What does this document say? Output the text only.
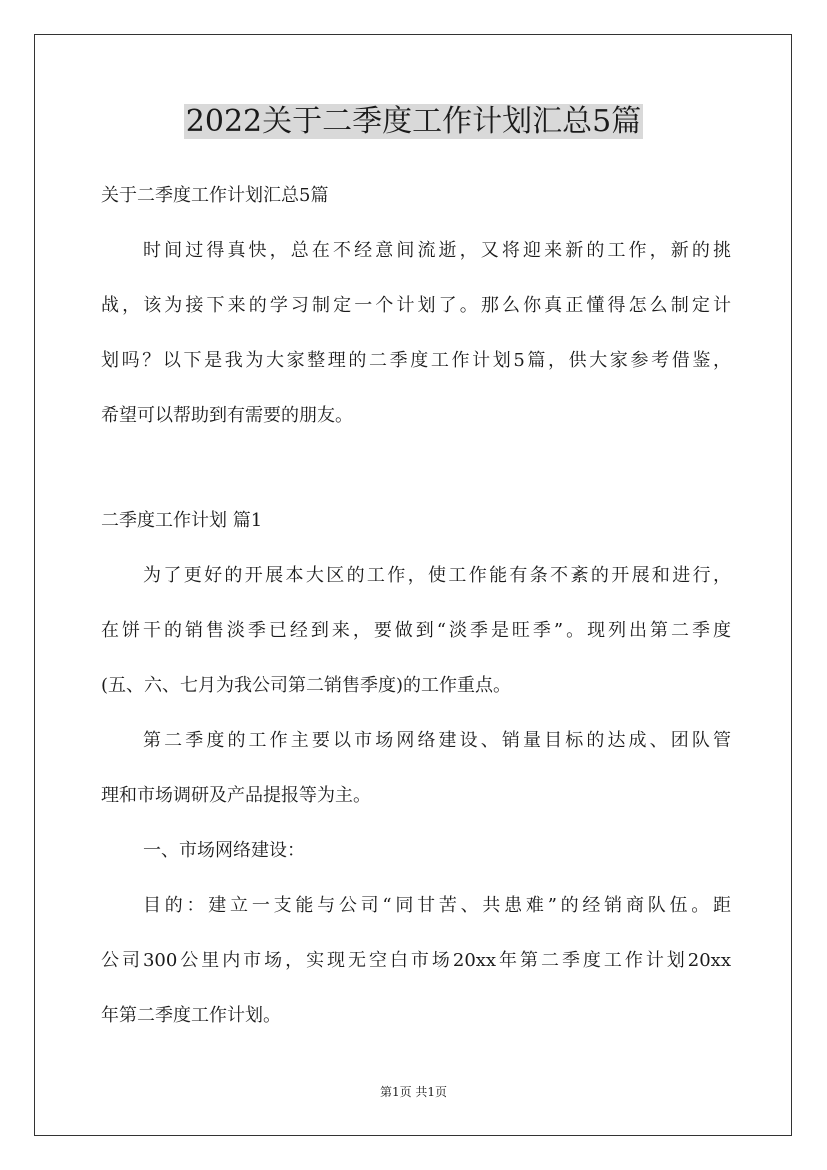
2022关于二季度工作计划汇总5篇

关于二季度工作计划汇总5篇

时间过得真快，总在不经意间流逝，又将迎来新的工作，新的挑

战，该为接下来的学习制定一个计划了。那么你真正懂得怎么制定计

划吗？以下是我为大家整理的二季度工作计划5篇，供大家参考借鉴，

希望可以帮助到有需要的朋友。

二季度工作计划 篇1

为了更好的开展本大区的工作，使工作能有条不紊的开展和进行，

在饼干的销售淡季已经到来，要做到“淡季是旺季”。现列出第二季度

(五、六、七月为我公司第二销售季度)的工作重点。

第二季度的工作主要以市场网络建设、销量目标的达成、团队管

理和市场调研及产品提报等为主。

一、市场网络建设：

目的：建立一支能与公司“同甘苦、共患难”的经销商队伍。距

公司300公里内市场，实现无空白市场20xx年第二季度工作计划20xx

年第二季度工作计划。

第1页 共1页
